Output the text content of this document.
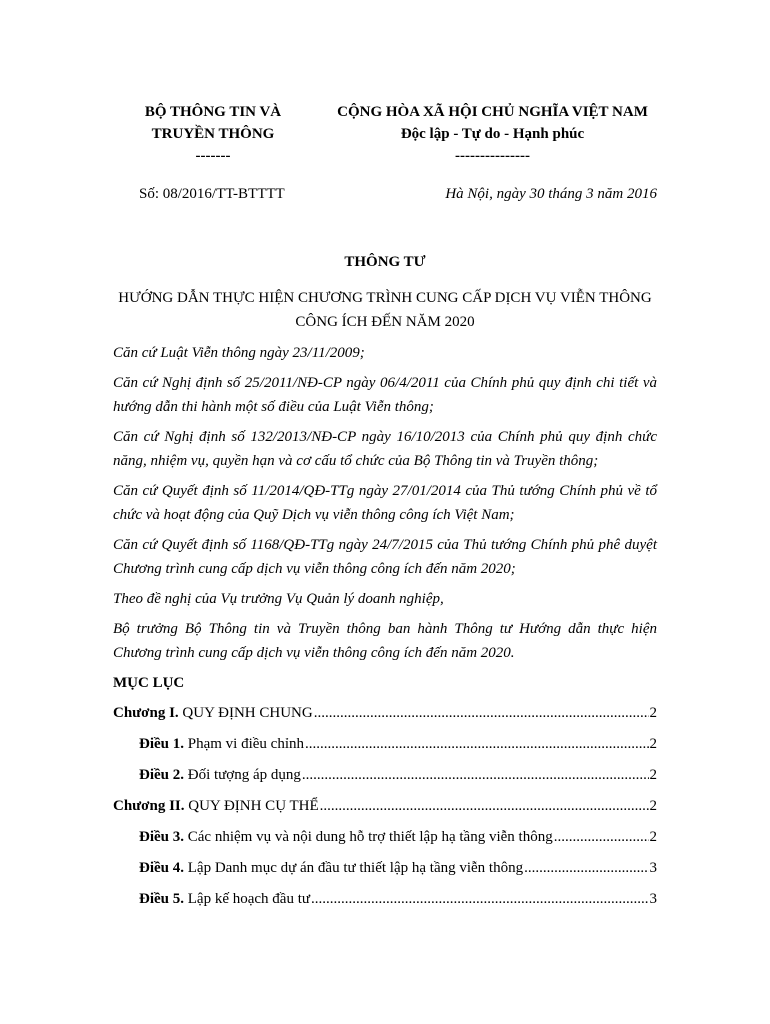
BỘ THÔNG TIN VÀ
TRUYỀN THÔNG
-------
CỘNG HÒA XÃ HỘI CHỦ NGHĨA VIỆT NAM
Độc lập - Tự do - Hạnh phúc
---------------
Số: 08/2016/TT-BTTTT	Hà Nội, ngày 30 tháng 3 năm 2016
THÔNG TƯ
HƯỚNG DẪN THỰC HIỆN CHƯƠNG TRÌNH CUNG CẤP DỊCH VỤ VIỄN THÔNG
CÔNG ÍCH ĐẾN NĂM 2020
Căn cứ Luật Viễn thông ngày 23/11/2009;
Căn cứ Nghị định số 25/2011/NĐ-CP ngày 06/4/2011 của Chính phủ quy định chi tiết và hướng dẫn thi hành một số điều của Luật Viễn thông;
Căn cứ Nghị định số 132/2013/NĐ-CP ngày 16/10/2013 của Chính phủ quy định chức năng, nhiệm vụ, quyền hạn và cơ cấu tổ chức của Bộ Thông tin và Truyền thông;
Căn cứ Quyết định số 11/2014/QĐ-TTg ngày 27/01/2014 của Thủ tướng Chính phủ về tổ chức và hoạt động của Quỹ Dịch vụ viễn thông công ích Việt Nam;
Căn cứ Quyết định số 1168/QĐ-TTg ngày 24/7/2015 của Thủ tướng Chính phủ phê duyệt Chương trình cung cấp dịch vụ viễn thông công ích đến năm 2020;
Theo đề nghị của Vụ trưởng Vụ Quản lý doanh nghiệp,
Bộ trưởng Bộ Thông tin và Truyền thông ban hành Thông tư Hướng dẫn thực hiện Chương trình cung cấp dịch vụ viễn thông công ích đến năm 2020.
MỤC LỤC
Chương I. QUY ĐỊNH CHUNG .....	2
Điều 1. Phạm vi điều chỉnh .....	2
Điều 2. Đối tượng áp dụng .....	2
Chương II. QUY ĐỊNH CỤ THỂ .....	2
Điều 3. Các nhiệm vụ và nội dung hỗ trợ thiết lập hạ tầng viễn thông .....	2
Điều 4. Lập Danh mục dự án đầu tư thiết lập hạ tầng viễn thông .....	3
Điều 5. Lập kế hoạch đầu tư .....	3
